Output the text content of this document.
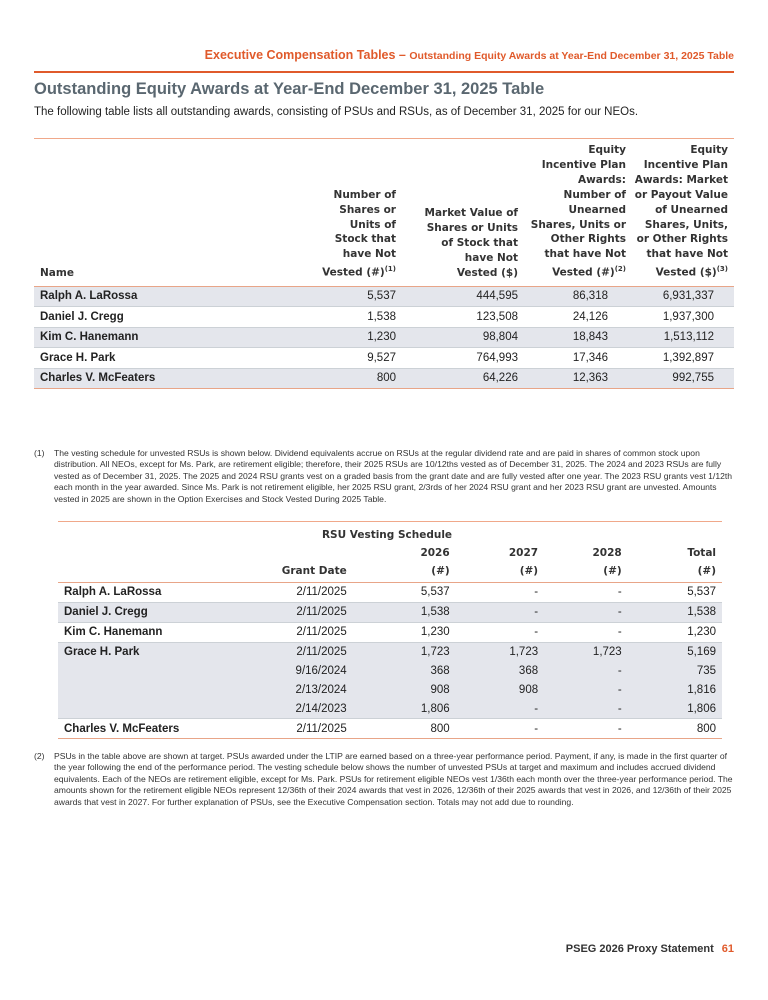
Executive Compensation Tables – Outstanding Equity Awards at Year-End December 31, 2025 Table
Outstanding Equity Awards at Year-End December 31, 2025 Table
The following table lists all outstanding awards, consisting of PSUs and RSUs, as of December 31, 2025 for our NEOs.
Name	Number of Shares or Units of Stock that have Not Vested (#)$^{(1)}$	Market Value of Shares or Units of Stock that have Not Vested ($)	Equity Incentive Plan Awards: Number of Unearned Shares, Units or Other Rights that have Not Vested (#)$^{(2)}$	Equity Incentive Plan Awards: Market or Payout Value of Unearned Shares, Units, or Other Rights that have Not Vested ($)$^{(3)}$
Ralph A. LaRossa	5,537	444,595	86,318	6,931,337
Daniel J. Cregg	1,538	123,508	24,126	1,937,300
Kim C. Hanemann	1,230	98,804	18,843	1,513,112
Grace H. Park	9,527	764,993	17,346	1,392,897
Charles V. McFeaters	800	64,226	12,363	992,755
(1)	The vesting schedule for unvested RSUs is shown below. Dividend equivalents accrue on RSUs at the regular dividend rate and are paid in shares of common stock upon distribution. All NEOs, except for Ms. Park, are retirement eligible; therefore, their 2025 RSUs are 10/12ths vested as of December 31, 2025. The 2024 and 2023 RSUs are fully vested as of December 31, 2025. The 2025 and 2024 RSU grants vest on a graded basis from the grant date and are fully vested after one year. The 2023 RSU grants vest 1/12th each month in the year awarded. Since Ms. Park is not retirement eligible, her 2025 RSU grant, 2/3rds of her 2024 RSU grant and her 2023 RSU grant are unvested. Amounts vested in 2025 are shown in the Option Exercises and Stock Vested During 2025 Table.
RSU Vesting Schedule					
		2026	2027	2028	Total
	Grant Date	(#)	(#)	(#)	(#)
Ralph A. LaRossa	2/11/2025	5,537	-	-	5,537
Daniel J. Cregg	2/11/2025	1,538	-	-	1,538
Kim C. Hanemann	2/11/2025	1,230	-	-	1,230
Grace H. Park	2/11/2025	1,723	1,723	1,723	5,169
	9/16/2024	368	368	-	735
	2/13/2024	908	908	-	1,816
	2/14/2023	1,806	-	-	1,806
Charles V. McFeaters	2/11/2025	800	-	-	800
(2)	PSUs in the table above are shown at target. PSUs awarded under the LTIP are earned based on a three-year performance period. Payment, if any, is made in the first quarter of the year following the end of the performance period. The vesting schedule below shows the number of unvested PSUs at target and maximum and includes accrued dividend equivalents. Each of the NEOs are retirement eligible, except for Ms. Park. PSUs for retirement eligible NEOs vest 1/36th each month over the three-year performance period. The amounts shown for the retirement eligible NEOs represent 12/36th of their 2024 awards that vest in 2026, 12/36th of their 2025 awards that vest in 2026, and 12/36th of their 2025 awards that vest in 2027. For further explanation of PSUs, see the Executive Compensation section. Totals may not add due to rounding.
PSEG 2026 Proxy Statement 61
